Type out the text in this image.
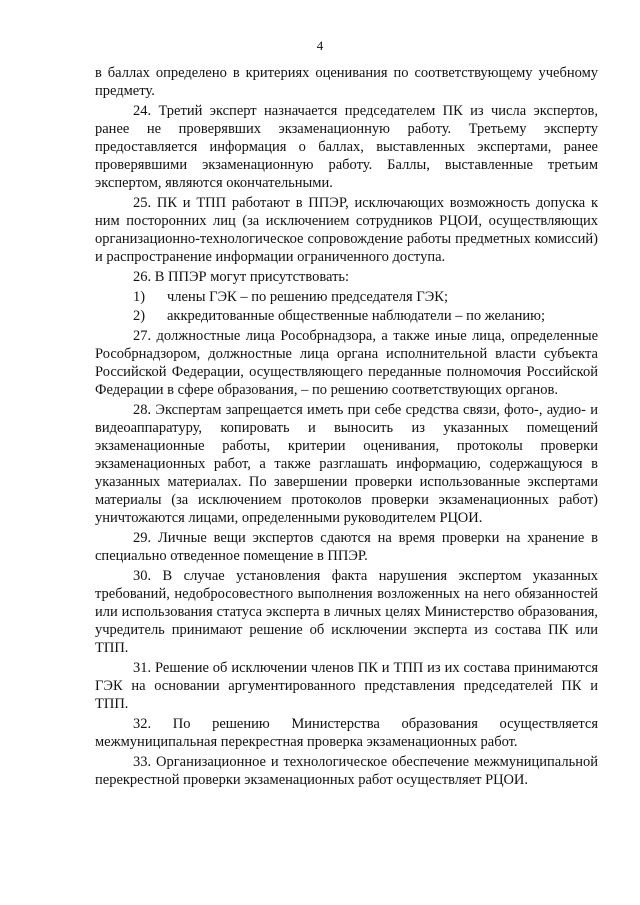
4

в баллах определено в критериях оценивания по соответствующему учебному предмету.

24. Третий эксперт назначается председателем ПК из числа экспертов, ранее не проверявших экзаменационную работу. Третьему эксперту предоставляется информация о баллах, выставленных экспертами, ранее проверявшими экзаменационную работу. Баллы, выставленные третьим экспертом, являются окончательными.

25. ПК и ТПП работают в ППЭР, исключающих возможность допуска к ним посторонних лиц (за исключением сотрудников РЦОИ, осуществляющих организационно-технологическое сопровождение работы предметных комиссий) и распространение информации ограниченного доступа.

26. В ППЭР могут присутствовать:

1)	члены ГЭК – по решению председателя ГЭК;
2)	аккредитованные общественные наблюдатели – по желанию;

27. должностные лица Рособрнадзора, а также иные лица, определенные Рособрнадзором, должностные лица органа исполнительной власти субъекта Российской Федерации, осуществляющего переданные полномочия Российской Федерации в сфере образования, – по решению соответствующих органов.

28. Экспертам запрещается иметь при себе средства связи, фото-, аудио- и видеоаппаратуру, копировать и выносить из указанных помещений экзаменационные работы, критерии оценивания, протоколы проверки экзаменационных работ, а также разглашать информацию, содержащуюся в указанных материалах. По завершении проверки использованные экспертами материалы (за исключением протоколов проверки экзаменационных работ) уничтожаются лицами, определенными руководителем РЦОИ.

29. Личные вещи экспертов сдаются на время проверки на хранение в специально отведенное помещение в ППЭР.

30. В случае установления факта нарушения экспертом указанных требований, недобросовестного выполнения возложенных на него обязанностей или использования статуса эксперта в личных целях Министерство образования, учредитель принимают решение об исключении эксперта из состава ПК или ТПП.

31. Решение об исключении членов ПК и ТПП из их состава принимаются ГЭК на основании аргументированного представления председателей ПК и ТПП.

32. По решению Министерства образования осуществляется межмуниципальная перекрестная проверка экзаменационных работ.

33. Организационное и технологическое обеспечение межмуниципальной перекрестной проверки экзаменационных работ осуществляет РЦОИ.
